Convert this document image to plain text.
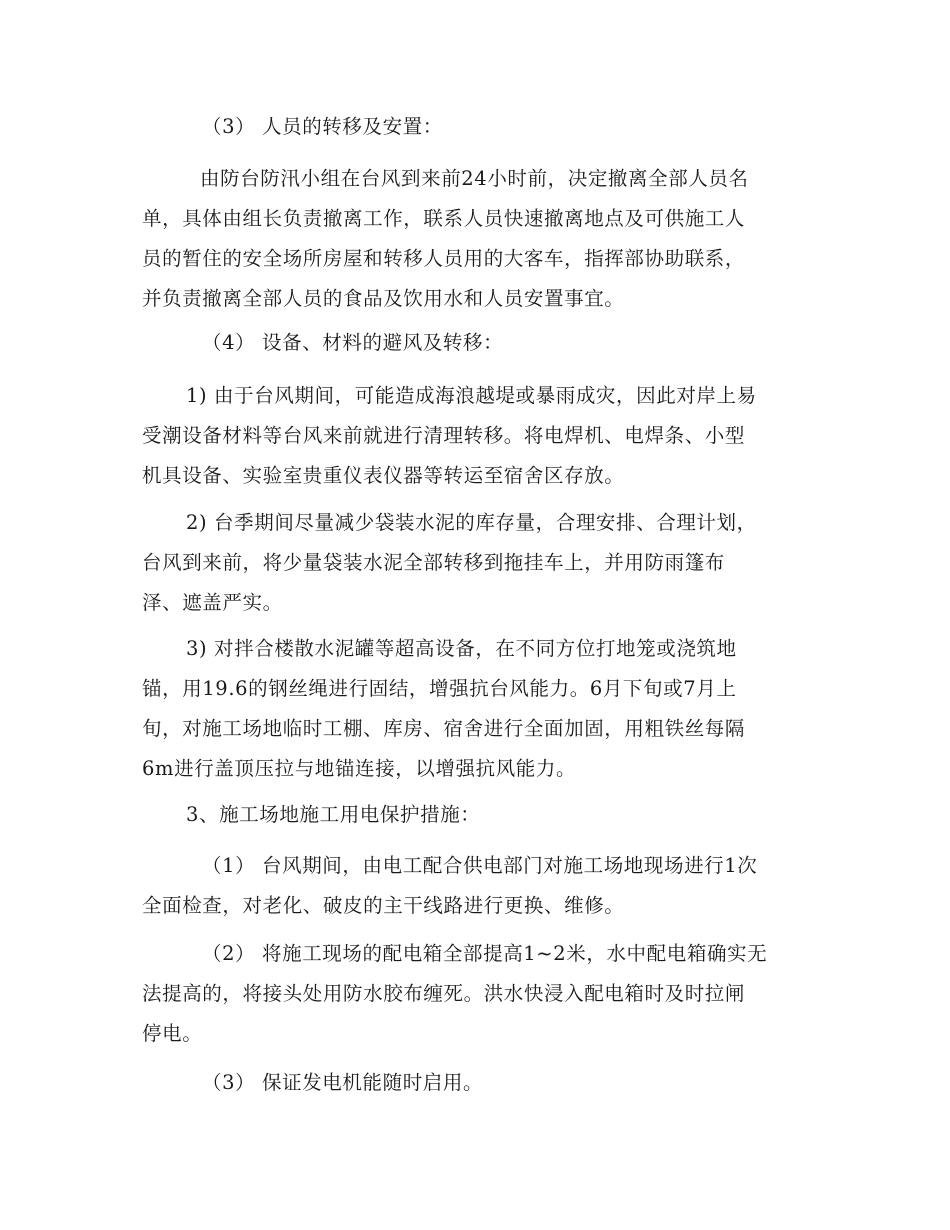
（3） 人员的转移及安置：
由防台防汛小组在台风到来前24小时前，决定撤离全部人员名
单，具体由组长负责撤离工作，联系人员快速撤离地点及可供施工人
员的暂住的安全场所房屋和转移人员用的大客车，指挥部协助联系，
并负责撤离全部人员的食品及饮用水和人员安置事宜。
（4） 设备、材料的避风及转移：
1) 由于台风期间，可能造成海浪越堤或暴雨成灾，因此对岸上易
受潮设备材料等台风来前就进行清理转移。将电焊机、电焊条、小型
机具设备、实验室贵重仪表仪器等转运至宿舍区存放。
2) 台季期间尽量减少袋装水泥的库存量，合理安排、合理计划，
台风到来前，将少量袋装水泥全部转移到拖挂车上，并用防雨篷布
泽、遮盖严实。
3) 对拌合楼散水泥罐等超高设备，在不同方位打地笼或浇筑地
锚，用19.6的钢丝绳进行固结，增强抗台风能力。6月下旬或7月上
旬，对施工场地临时工棚、库房、宿舍进行全面加固，用粗铁丝每隔
6m进行盖顶压拉与地锚连接，以增强抗风能力。
3、施工场地施工用电保护措施：
（1） 台风期间，由电工配合供电部门对施工场地现场进行1次
全面检查，对老化、破皮的主干线路进行更换、维修。
（2） 将施工现场的配电箱全部提高1~2米，水中配电箱确实无
法提高的，将接头处用防水胶布缠死。洪水快浸入配电箱时及时拉闸
停电。
（3） 保证发电机能随时启用。
